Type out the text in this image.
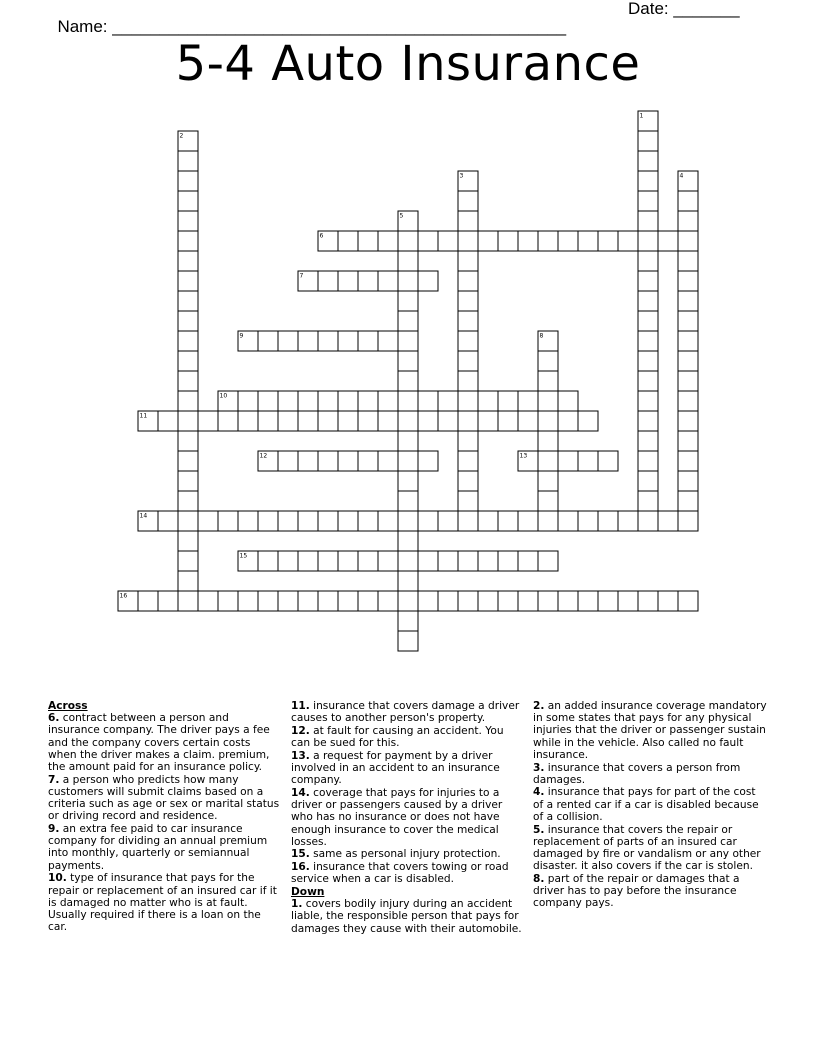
Name: ________________________________________________

Date: _______

5-4 Auto Insurance
6
7
9
10
11
12	13
14
15
16
1
2
3	4
5
8

Across

6. contract between a person and insurance company. The driver pays a fee and the company covers certain costs when the driver makes a claim. premium, the amount paid for an insurance policy.

7. a person who predicts how many customers will submit claims based on a criteria such as age or sex or marital status or driving record and residence.

9. an extra fee paid to car insurance company for dividing an annual premium into monthly, quarterly or semiannual payments.

10. type of insurance that pays for the repair or replacement of an insured car if it is damaged no matter who is at fault. Usually required if there is a loan on the car.

11. insurance that covers damage a driver causes to another person's property.

12. at fault for causing an accident. You can be sued for this.

13. a request for payment by a driver involved in an accident to an insurance company.

14. coverage that pays for injuries to a driver or passengers caused by a driver who has no insurance or does not have enough insurance to cover the medical losses.

15. same as personal injury protection.

16. insurance that covers towing or road service when a car is disabled.

Down

1. covers bodily injury during an accident liable, the responsible person that pays for damages they cause with their automobile.

2. an added insurance coverage mandatory in some states that pays for any physical injuries that the driver or passenger sustain while in the vehicle. Also called no fault insurance.

3. insurance that covers a person from damages.

4. insurance that pays for part of the cost of a rented car if a car is disabled because of a collision.

5. insurance that covers the repair or replacement of parts of an insured car damaged by fire or vandalism or any other disaster. it also covers if the car is stolen.

8. part of the repair or damages that a driver has to pay before the insurance company pays.
